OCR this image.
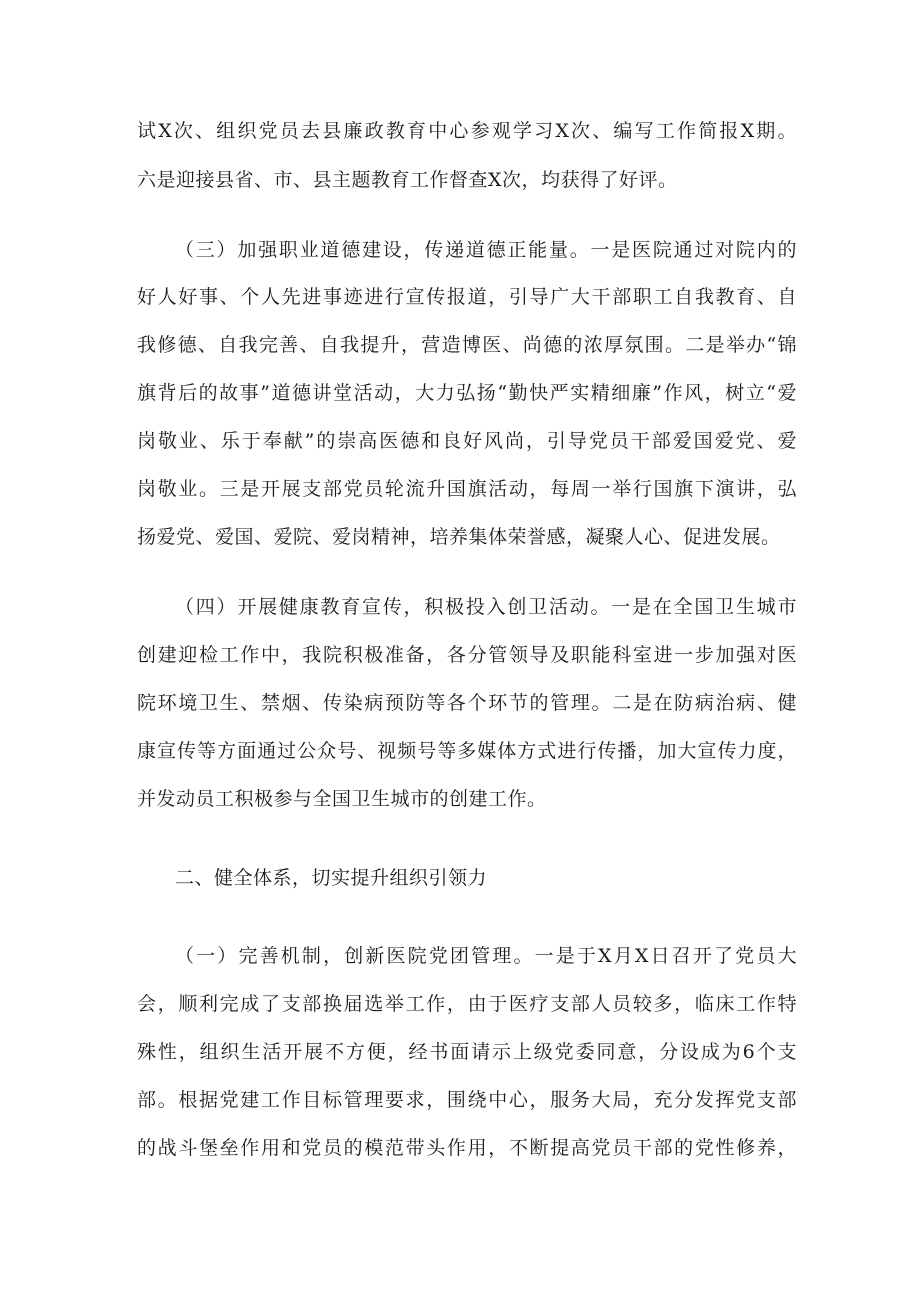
试X次、组织党员去县廉政教育中心参观学习X次、编写工作简报X期。
六是迎接县省、市、县主题教育工作督查X次，均获得了好评。
（三）加强职业道德建设，传递道德正能量。一是医院通过对院内的
好人好事、个人先进事迹进行宣传报道，引导广大干部职工自我教育、自
我修德、自我完善、自我提升，营造博医、尚德的浓厚氛围。二是举办“锦
旗背后的故事”道德讲堂活动，大力弘扬“勤快严实精细廉”作风，树立“爱
岗敬业、乐于奉献”的崇高医德和良好风尚，引导党员干部爱国爱党、爱
岗敬业。三是开展支部党员轮流升国旗活动，每周一举行国旗下演讲，弘
扬爱党、爱国、爱院、爱岗精神，培养集体荣誉感，凝聚人心、促进发展。
（四）开展健康教育宣传，积极投入创卫活动。一是在全国卫生城市
创建迎检工作中，我院积极准备，各分管领导及职能科室进一步加强对医
院环境卫生、禁烟、传染病预防等各个环节的管理。二是在防病治病、健
康宣传等方面通过公众号、视频号等多媒体方式进行传播，加大宣传力度，
并发动员工积极参与全国卫生城市的创建工作。
二、健全体系，切实提升组织引领力
（一）完善机制，创新医院党团管理。一是于X月X日召开了党员大
会，顺利完成了支部换届选举工作，由于医疗支部人员较多，临床工作特
殊性，组织生活开展不方便，经书面请示上级党委同意，分设成为6个支
部。根据党建工作目标管理要求，围绕中心，服务大局，充分发挥党支部
的战斗堡垒作用和党员的模范带头作用，不断提高党员干部的党性修养，
